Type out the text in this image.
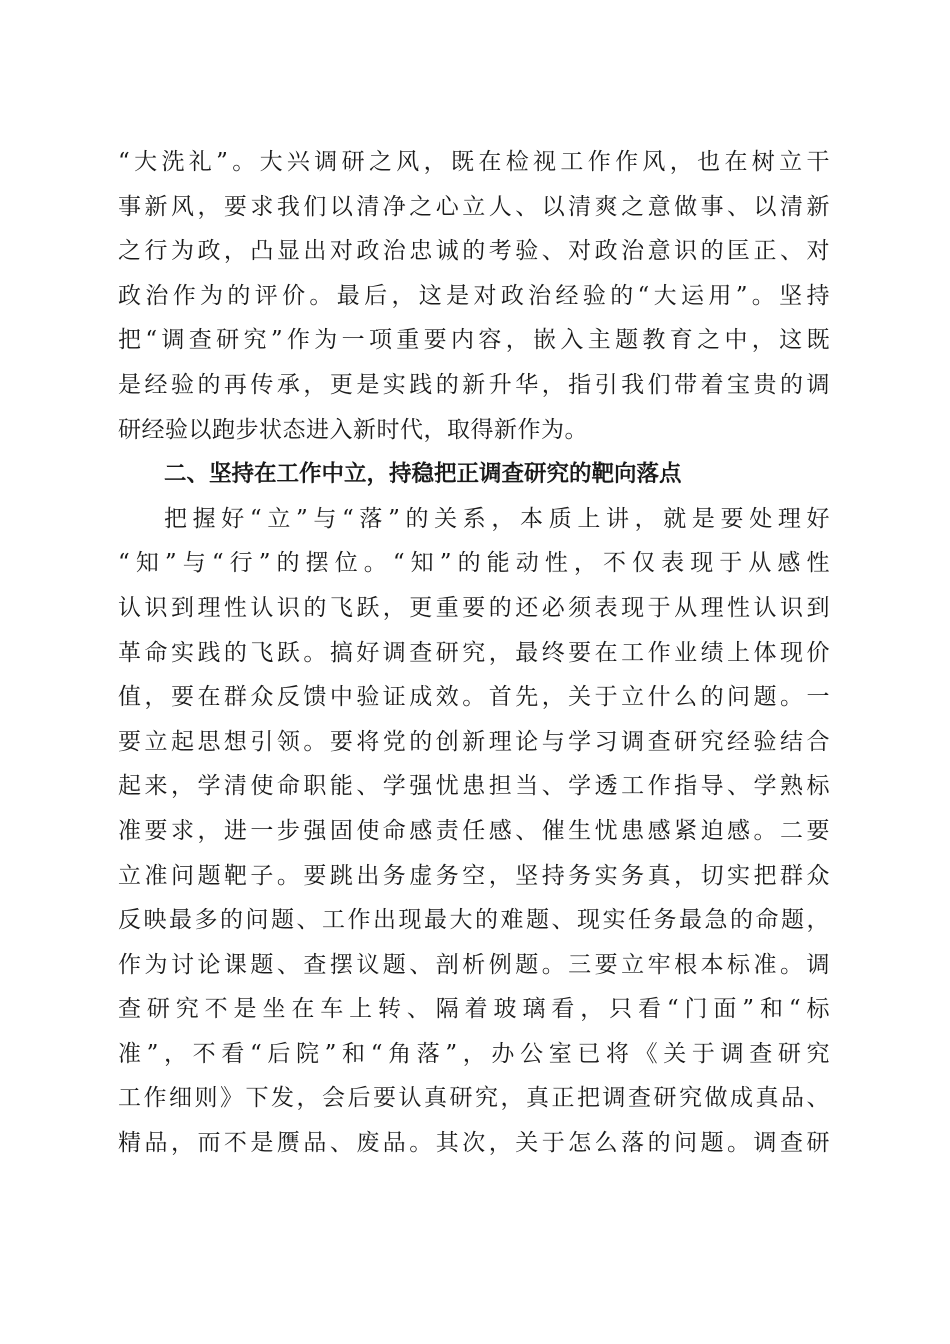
“大洗礼”。大兴调研之风，既在检视工作作风，也在树立干
事新风，要求我们以清净之心立人、以清爽之意做事、以清新
之行为政，凸显出对政治忠诚的考验、对政治意识的匡正、对
政治作为的评价。最后，这是对政治经验的“大运用”。坚持
把“调查研究”作为一项重要内容，嵌入主题教育之中，这既
是经验的再传承，更是实践的新升华，指引我们带着宝贵的调
研经验以跑步状态进入新时代，取得新作为。
二、坚持在工作中立，持稳把正调查研究的靶向落点
把握好“立”与“落”的关系，本质上讲，就是要处理好
“知”与“行”的摆位。“知”的能动性，不仅表现于从感性
认识到理性认识的飞跃，更重要的还必须表现于从理性认识到
革命实践的飞跃。搞好调查研究，最终要在工作业绩上体现价
值，要在群众反馈中验证成效。首先，关于立什么的问题。一
要立起思想引领。要将党的创新理论与学习调查研究经验结合
起来，学清使命职能、学强忧患担当、学透工作指导、学熟标
准要求，进一步强固使命感责任感、催生忧患感紧迫感。二要
立准问题靶子。要跳出务虚务空，坚持务实务真，切实把群众
反映最多的问题、工作出现最大的难题、现实任务最急的命题，
作为讨论课题、查摆议题、剖析例题。三要立牢根本标准。调
查研究不是坐在车上转、隔着玻璃看，只看“门面”和“标
准”，不看“后院”和“角落”，办公室已将《关于调查研究
工作细则》下发，会后要认真研究，真正把调查研究做成真品、
精品，而不是赝品、废品。其次，关于怎么落的问题。调查研
